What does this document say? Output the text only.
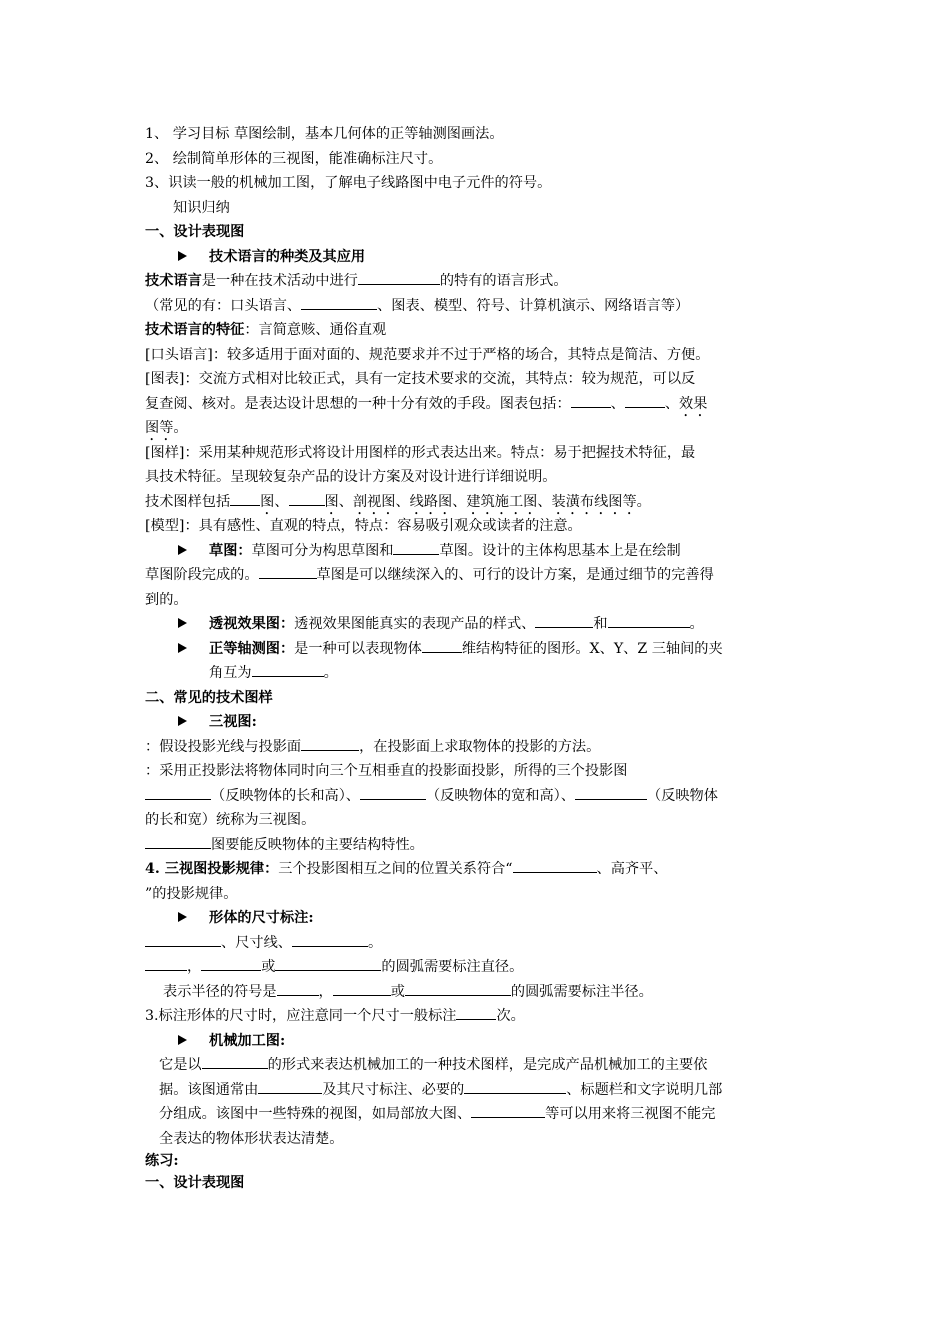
1、 学习目标 草图绘制，基本几何体的正等轴测图画法。
2、 绘制简单形体的三视图，能准确标注尺寸。
3、识读一般的机械加工图，了解电子线路图中电子元件的符号。
知识归纳
一、设计表现图
技术语言的种类及其应用
技术语言是一种在技术活动中进行	的特有的语言形式。
（常见的有：口头语言、	、图表、模型、符号、计算机演示、网络语言等）
技术语言的特征：言简意赅、通俗直观
[口头语言]：较多适用于面对面的、规范要求并不过于严格的场合，其特点是简洁、方便。
[图表]：交流方式相对比较正式，具有一定技术要求的交流，其特点：较为规范，可以反
复查阅、核对。是表达设计思想的一种十分有效的手段。图表包括：	、	、效果
图等。
[图样]：采用某种规范形式将设计用图样的形式表达出来。特点：易于把握技术特征，最
具技术特征。呈现较复杂产品的设计方案及对设计进行详细说明。
技术图样包括 图、	图、剖视图、线路图、建筑施工图、装潢布线图等。
[模型]：具有感性、直观的特点，特点：容易吸引观众或读者的注意。
草图：草图可分为构思草图和	草图。设计的主体构思基本上是在绘制
草图阶段完成的。	草图是可以继续深入的、可行的设计方案，是通过细节的完善得
到的。
透视效果图：透视效果图能真实的表现产品的样式、	和	。
正等轴测图：是一种可以表现物体	维结构特征的图形。X、Y、Z 三轴间的夹
角互为	。
二、常见的技术图样
三视图:
：假设投影光线与投影面	，在投影面上求取物体的投影的方法。
：采用正投影法将物体同时向三个互相垂直的投影面投影，所得的三个投影图
（反映物体的长和高）、	（反映物体的宽和高）、	（反映物体
的长和宽）统称为三视图。
图要能反映物体的主要结构特性。
4. 三视图投影规律：三个投影图相互之间的位置关系符合“	、高齐平、
”的投影规律。
形体的尺寸标注:
、尺寸线、	。
，	或	的圆弧需要标注直径。
表示半径的符号是	，	或	的圆弧需要标注半径。
3.标注形体的尺寸时，应注意同一个尺寸一般标注	次。
机械加工图:
它是以	的形式来表达机械加工的一种技术图样，是完成产品机械加工的主要依
据。该图通常由	及其尺寸标注、必要的	、标题栏和文字说明几部
分组成。该图中一些特殊的视图，如局部放大图、	等可以用来将三视图不能完
全表达的物体形状表达清楚。
练习:
一、设计表现图
